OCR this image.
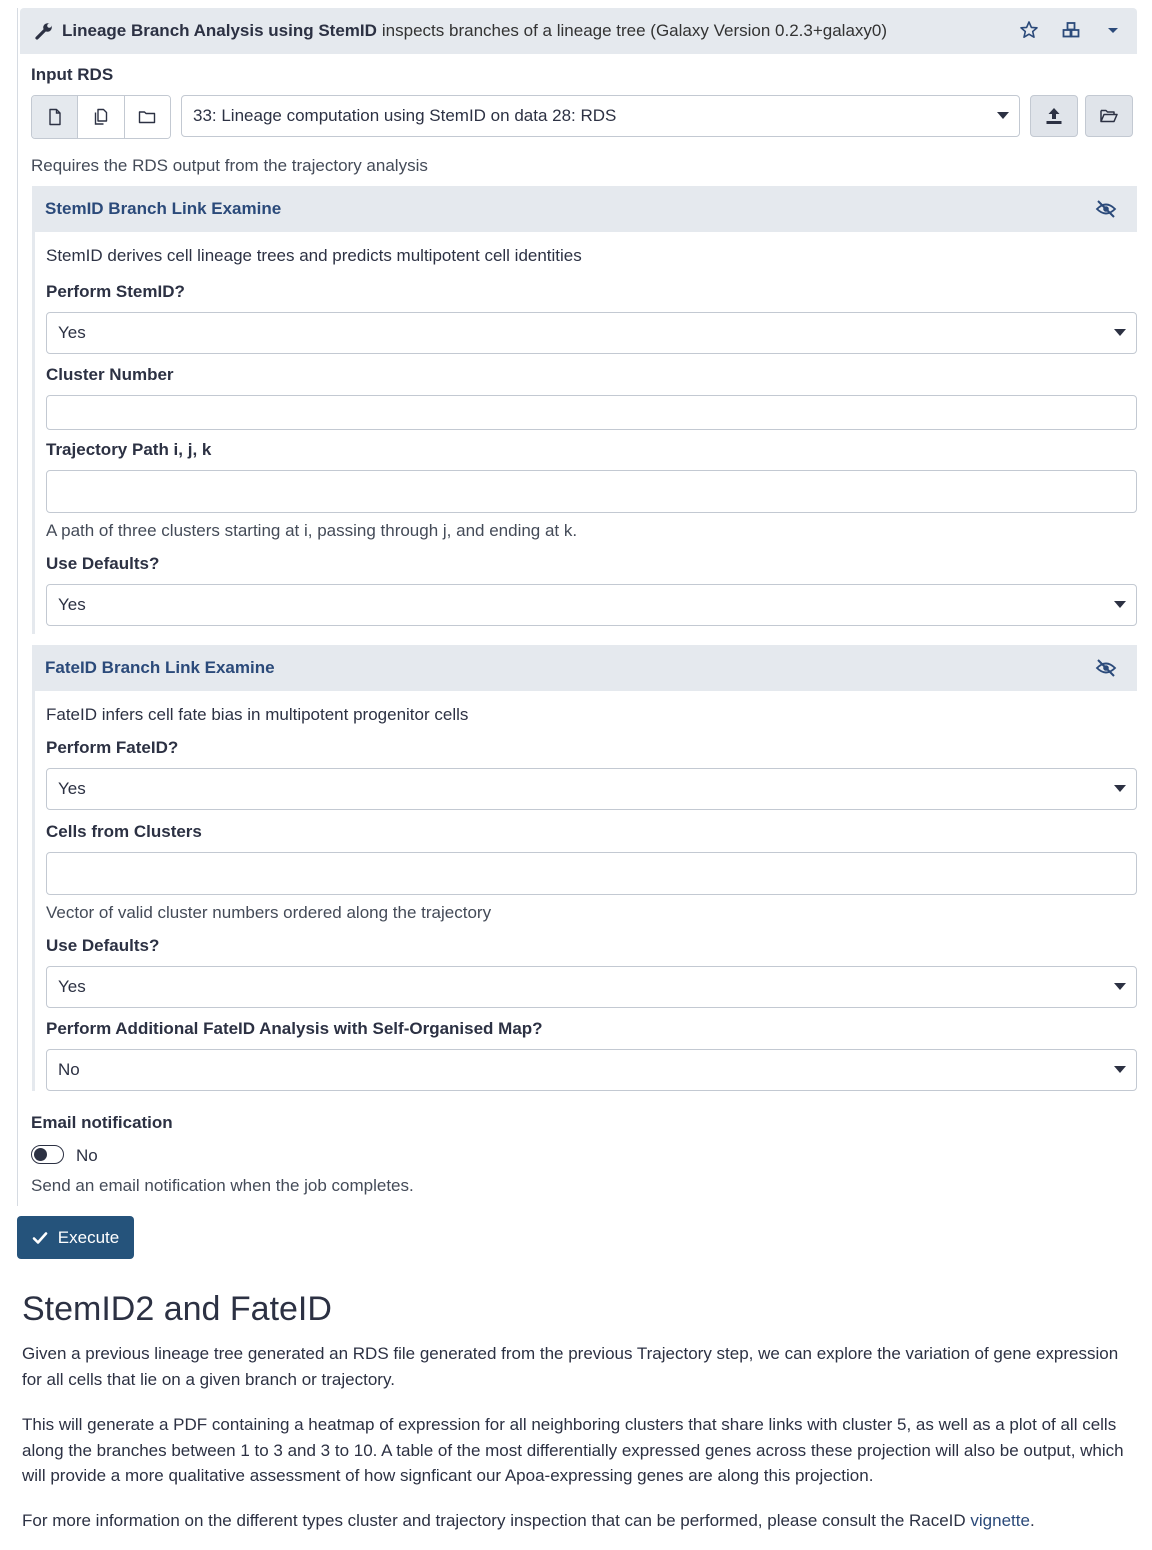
Lineage Branch Analysis using StemID inspects branches of a lineage tree (Galaxy Version 0.2.3+galaxy0)
Input RDS
33: Lineage computation using StemID on data 28: RDS
Requires the RDS output from the trajectory analysis
StemID Branch Link Examine
StemID derives cell lineage trees and predicts multipotent cell identities
Perform StemID?
Yes
Cluster Number
Trajectory Path i, j, k
A path of three clusters starting at i, passing through j, and ending at k.
Use Defaults?
Yes
FateID Branch Link Examine
FateID infers cell fate bias in multipotent progenitor cells
Perform FateID?
Yes
Cells from Clusters
Vector of valid cluster numbers ordered along the trajectory
Use Defaults?
Yes
Perform Additional FateID Analysis with Self-Organised Map?
No
Email notification
No
Send an email notification when the job completes.
Execute
StemID2 and FateID

Given a previous lineage tree generated an RDS file generated from the previous Trajectory step, we can explore the variation of gene expression for all cells that lie on a given branch or trajectory.

This will generate a PDF containing a heatmap of expression for all neighboring clusters that share links with cluster 5, as well as a plot of all cells along the branches between 1 to 3 and 3 to 10. A table of the most differentially expressed genes across these projection will also be output, which will provide a more qualitative assessment of how signficant our Apoa-expressing genes are along this projection.

For more information on the different types cluster and trajectory inspection that can be performed, please consult the RaceID vignette.
